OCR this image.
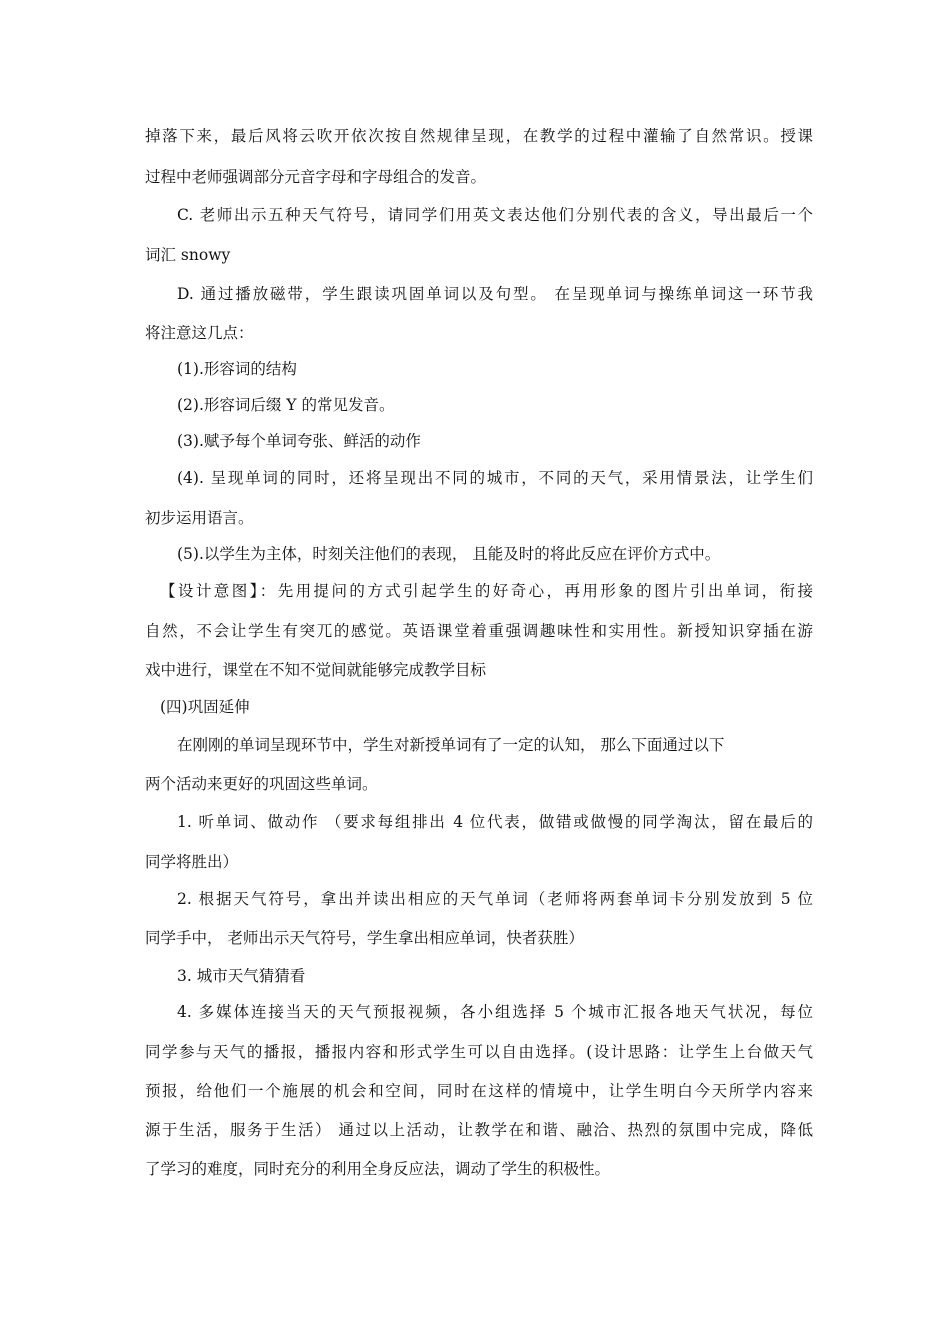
掉落下来，最后风将云吹开依次按自然规律呈现，在教学的过程中灌输了自然常识。授课
过程中老师强调部分元音字母和字母组合的发音。
C. 老师出示五种天气符号，请同学们用英文表达他们分别代表的含义，导出最后一个
词汇 snowy
D. 通过播放磁带，学生跟读巩固单词以及句型。 在呈现单词与操练单词这一环节我
将注意这几点：
(1).形容词的结构
(2).形容词后缀 Y 的常见发音。
(3).赋予每个单词夸张、鲜活的动作
(4). 呈现单词的同时，还将呈现出不同的城市，不同的天气，采用情景法，让学生们
初步运用语言。
(5).以学生为主体，时刻关注他们的表现， 且能及时的将此反应在评价方式中。
【设计意图】：先用提问的方式引起学生的好奇心，再用形象的图片引出单词，衔接
自然，不会让学生有突兀的感觉。英语课堂着重强调趣味性和实用性。新授知识穿插在游
戏中进行，课堂在不知不觉间就能够完成教学目标
(四)巩固延伸
在刚刚的单词呈现环节中，学生对新授单词有了一定的认知， 那么下面通过以下
两个活动来更好的巩固这些单词。
1. 听单词、做动作 （要求每组排出 4 位代表，做错或做慢的同学淘汰，留在最后的
同学将胜出）
2. 根据天气符号，拿出并读出相应的天气单词（老师将两套单词卡分别发放到 5 位
同学手中， 老师出示天气符号，学生拿出相应单词，快者获胜）
3. 城市天气猜猜看
4. 多媒体连接当天的天气预报视频，各小组选择 5 个城市汇报各地天气状况，每位
同学参与天气的播报，播报内容和形式学生可以自由选择。(设计思路：让学生上台做天气
预报，给他们一个施展的机会和空间，同时在这样的情境中，让学生明白今天所学内容来
源于生活，服务于生活） 通过以上活动，让教学在和谐、融洽、热烈的氛围中完成，降低
了学习的难度，同时充分的利用全身反应法，调动了学生的积极性。
